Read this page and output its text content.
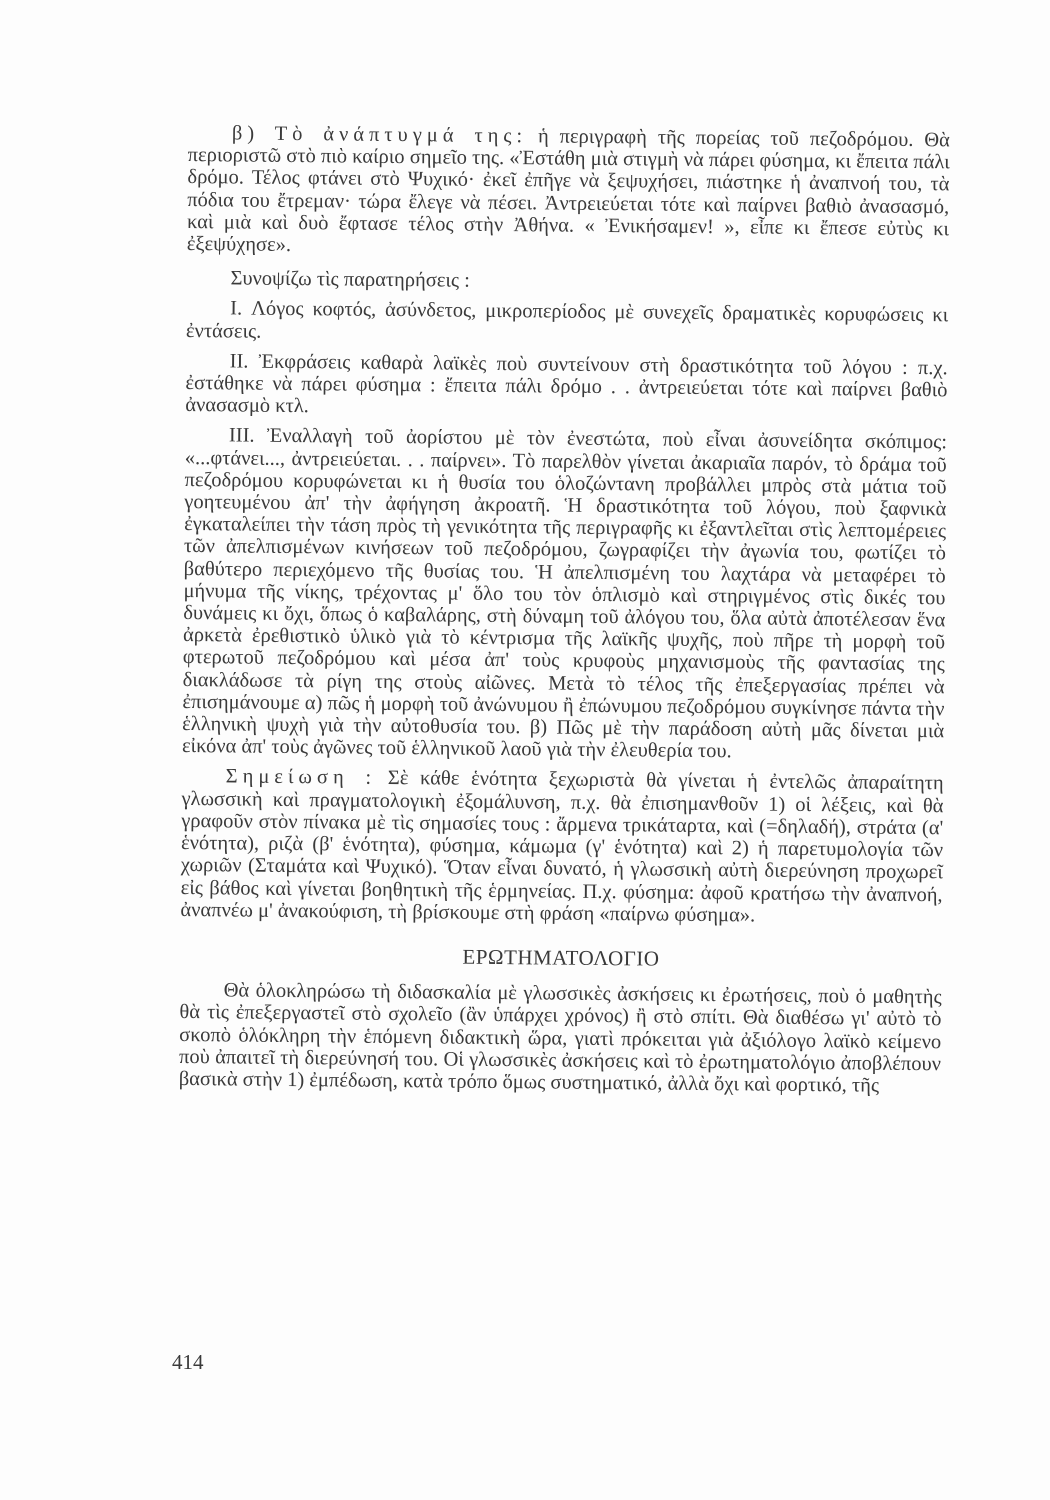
β) Τὸ ἀνάπτυγμά της: ἡ περιγραφὴ τῆς πορείας τοῦ πεζοδρόμου. Θὰ περιοριστῶ στὸ πιὸ καίριο σημεῖο της. «Ἐστάθη μιὰ στιγμὴ νὰ πάρει φύσημα, κι ἔπειτα πάλι δρόμο. Τέλος φτάνει στὸ Ψυχικό· ἐκεῖ ἐπῆγε νὰ ξεψυχήσει, πιάστηκε ἡ ἀναπνοή του, τὰ πόδια του ἔτρεμαν· τώρα ἔλεγε νὰ πέσει. Ἀντρειεύεται τότε καὶ παίρνει βαθιὸ ἀνασασμό, καὶ μιὰ καὶ δυὸ ἔφτασε τέλος στὴν Ἀθήνα. « Ἐνικήσαμεν! », εἶπε κι ἔπεσε εὐτὺς κι ἐξεψύχησε».

Συνοψίζω τὶς παρατηρήσεις :

I. Λόγος κοφτός, ἀσύνδετος, μικροπερίοδος μὲ συνεχεῖς δραματικὲς κορυφώσεις κι ἐντάσεις.

II. Ἐκφράσεις καθαρὰ λαϊκὲς ποὺ συντείνουν στὴ δραστικότητα τοῦ λόγου : π.χ. ἐστάθηκε νὰ πάρει φύσημα : ἔπειτα πάλι δρόμο . . ἀντρειεύεται τότε καὶ παίρνει βαθιὸ ἀνασασμὸ κτλ.

III. Ἐναλλαγὴ τοῦ ἀορίστου μὲ τὸν ἐνεστώτα, ποὺ εἶναι ἀσυνείδητα σκόπιμος: «...φτάνει..., ἀντρειεύεται. . . παίρνει». Τὸ παρελθὸν γίνεται ἀκαριαῖα παρόν, τὸ δράμα τοῦ πεζοδρόμου κορυφώνεται κι ἡ θυσία του ὁλοζώντανη προβάλλει μπρὸς στὰ μάτια τοῦ γοητευμένου ἀπ' τὴν ἀφήγηση ἀκροατῆ. Ἡ δραστικότητα τοῦ λόγου, ποὺ ξαφνικὰ ἐγκαταλείπει τὴν τάση πρὸς τὴ γενικότητα τῆς περιγραφῆς κι ἐξαντλεῖται στὶς λεπτομέρειες τῶν ἀπελπισμένων κινήσεων τοῦ πεζοδρόμου, ζωγραφίζει τὴν ἀγωνία του, φωτίζει τὸ βαθύτερο περιεχόμενο τῆς θυσίας του. Ἡ ἀπελπισμένη του λαχτάρα νὰ μεταφέρει τὸ μήνυμα τῆς νίκης, τρέχοντας μ' ὅλο του τὸν ὁπλισμὸ καὶ στηριγμένος στὶς δικές του δυνάμεις κι ὄχι, ὅπως ὁ καβαλάρης, στὴ δύναμη τοῦ ἀλόγου του, ὅλα αὐτὰ ἀποτέλεσαν ἕνα ἀρκετὰ ἐρεθιστικὸ ὑλικὸ γιὰ τὸ κέντρισμα τῆς λαϊκῆς ψυχῆς, ποὺ πῆρε τὴ μορφὴ τοῦ φτερωτοῦ πεζοδρόμου καὶ μέσα ἀπ' τοὺς κρυφοὺς μηχανισμοὺς τῆς φαντασίας της διακλάδωσε τὰ ρίγη της στοὺς αἰῶνες. Μετὰ τὸ τέλος τῆς ἐπεξεργασίας πρέπει νὰ ἐπισημάνουμε α) πῶς ἡ μορφὴ τοῦ ἀνώνυμου ἢ ἐπώνυμου πεζοδρόμου συγκίνησε πάντα τὴν ἑλληνικὴ ψυχὴ γιὰ τὴν αὐτοθυσία του. β) Πῶς μὲ τὴν παράδοση αὐτὴ μᾶς δίνεται μιὰ εἰκόνα ἀπ' τοὺς ἀγῶνες τοῦ ἑλληνικοῦ λαοῦ γιὰ τὴν ἐλευθερία του.

Σημείωση : Σὲ κάθε ἑνότητα ξεχωριστὰ θὰ γίνεται ἡ ἐντελῶς ἀπαραίτητη γλωσσικὴ καὶ πραγματολογικὴ ἐξομάλυνση, π.χ. θὰ ἐπισημανθοῦν 1) οἱ λέξεις, καὶ θὰ γραφοῦν στὸν πίνακα μὲ τὶς σημασίες τους : ἄρμενα τρικάταρτα, καὶ (=δηλαδή), στράτα (α' ἑνότητα), ριζὰ (β' ἑνότητα), φύσημα, κάμωμα (γ' ἑνότητα) καὶ 2) ἡ παρετυμολογία τῶν χωριῶν (Σταμάτα καὶ Ψυχικό). Ὅταν εἶναι δυνατό, ἡ γλωσσικὴ αὐτὴ διερεύνηση προχωρεῖ εἰς βάθος καὶ γίνεται βοηθητικὴ τῆς ἑρμηνείας. Π.χ. φύσημα: ἀφοῦ κρατήσω τὴν ἀναπνοή, ἀναπνέω μ' ἀνακούφιση, τὴ βρίσκουμε στὴ φράση «παίρνω φύσημα».

ΕΡΩΤΗΜΑΤΟΛΟΓΙΟ

Θὰ ὁλοκληρώσω τὴ διδασκαλία μὲ γλωσσικὲς ἀσκήσεις κι ἐρωτήσεις, ποὺ ὁ μαθητὴς θὰ τὶς ἐπεξεργαστεῖ στὸ σχολεῖο (ἂν ὑπάρχει χρόνος) ἢ στὸ σπίτι. Θὰ διαθέσω γι' αὐτὸ τὸ σκοπὸ ὁλόκληρη τὴν ἑπόμενη διδακτικὴ ὥρα, γιατὶ πρόκειται γιὰ ἀξιόλογο λαϊκὸ κείμενο ποὺ ἀπαιτεῖ τὴ διερεύνησή του. Οἱ γλωσσικὲς ἀσκήσεις καὶ τὸ ἐρωτηματολόγιο ἀποβλέπουν βασικὰ στὴν 1) ἐμπέδωση, κατὰ τρόπο ὅμως συστηματικό, ἀλλὰ ὄχι καὶ φορτικό, τῆς

414
